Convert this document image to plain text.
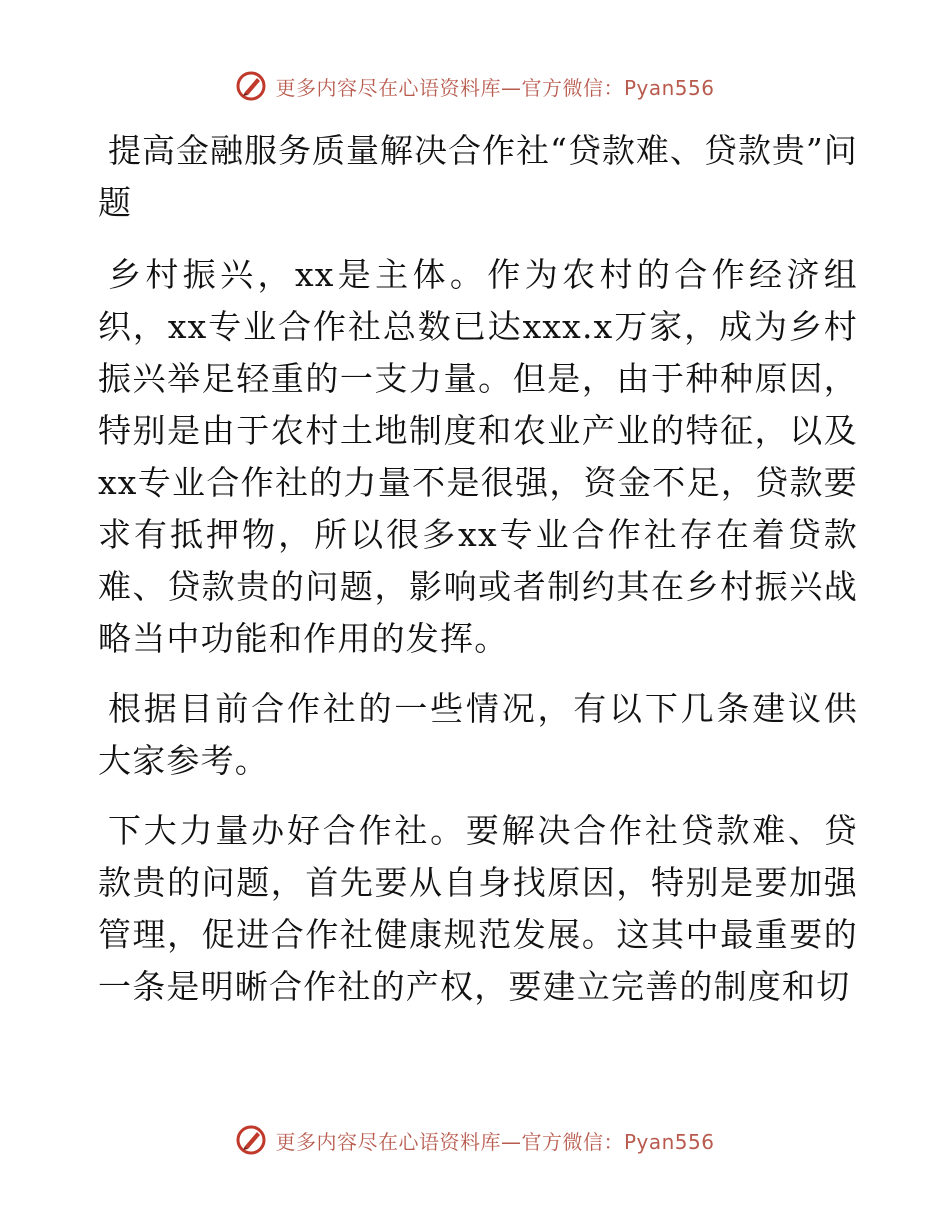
更多内容尽在心语资料库—官方微信：Pyan556
提高金融服务质量解决合作社“贷款难、贷款贵”问题

乡村振兴，xx是主体。作为农村的合作经济组织，xx专业合作社总数已达xxx.x万家，成为乡村振兴举足轻重的一支力量。但是，由于种种原因，特别是由于农村土地制度和农业产业的特征，以及xx专业合作社的力量不是很强，资金不足，贷款要求有抵押物，所以很多xx专业合作社存在着贷款难、贷款贵的问题，影响或者制约其在乡村振兴战略当中功能和作用的发挥。

根据目前合作社的一些情况，有以下几条建议供大家参考。

下大力量办好合作社。要解决合作社贷款难、贷款贵的问题，首先要从自身找原因，特别是要加强管理，促进合作社健康规范发展。这其中最重要的一条是明晰合作社的产权，要建立完善的制度和切

更多内容尽在心语资料库—官方微信：Pyan556
